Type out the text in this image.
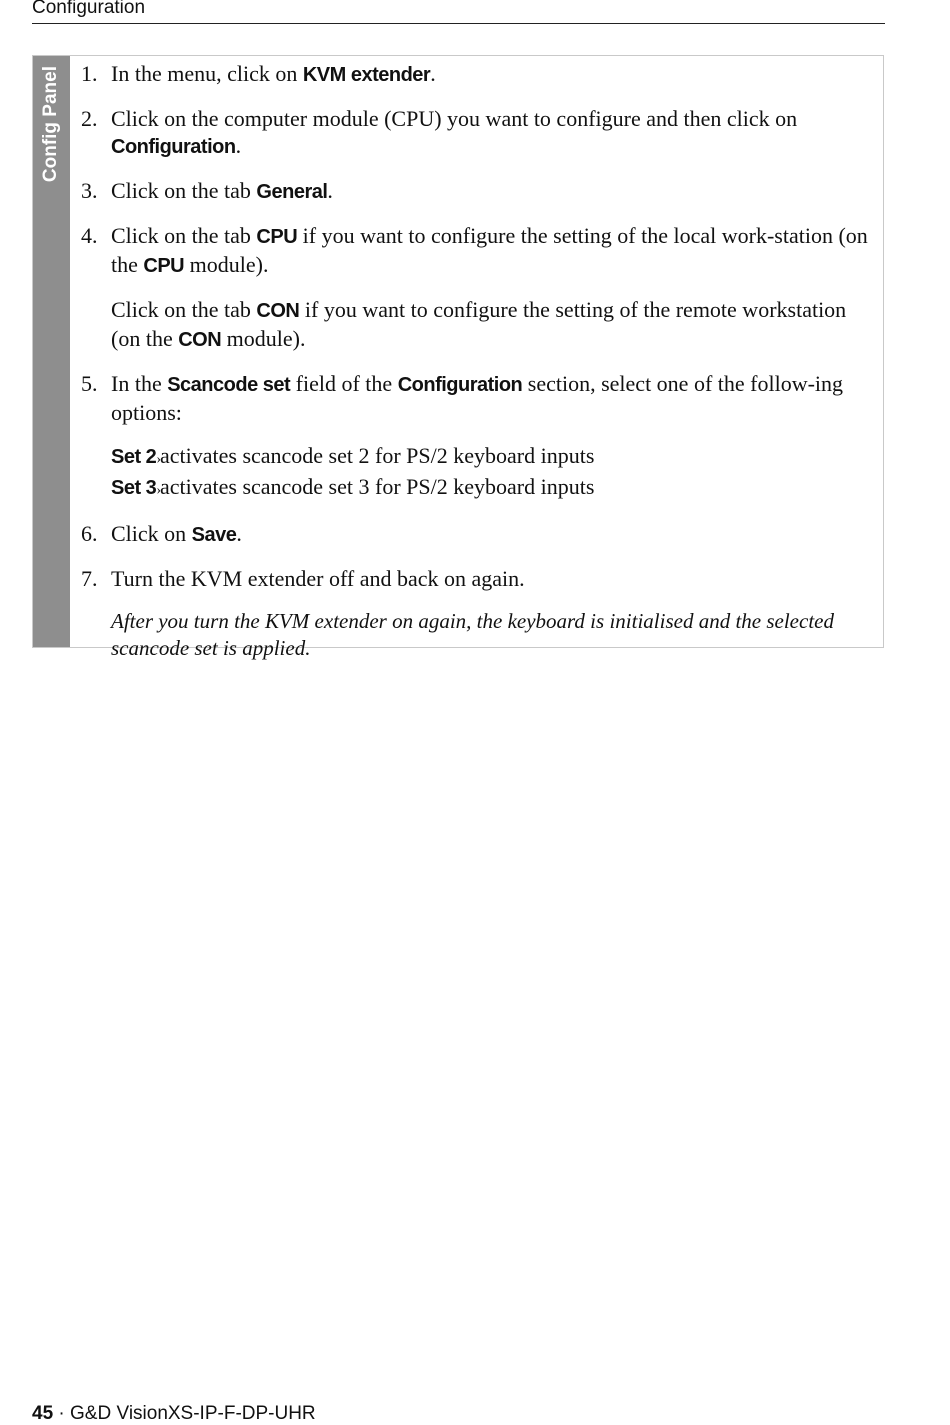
Configuration
Config Panel 1. In the menu, click on KVM extender.
2. Click on the computer module (CPU) you want to configure and then click on Configuration.
3. Click on the tab General.
4. Click on the tab CPU if you want to configure the setting of the local work-station (on the CPU module).
Click on the tab CON if you want to configure the setting of the remote workstation (on the CON module).
5. In the Scancode set field of the Configuration section, select one of the follow-ing options:
Set 2›activates scancode set 2 for PS/2 keyboard inputs
Set 3›activates scancode set 3 for PS/2 keyboard inputs
6. Click on Save.
7. Turn the KVM extender off and back on again.
After you turn the KVM extender on again, the keyboard is initialised and the selected scancode set is applied.
45 · G&D VisionXS-IP-F-DP-UHR
